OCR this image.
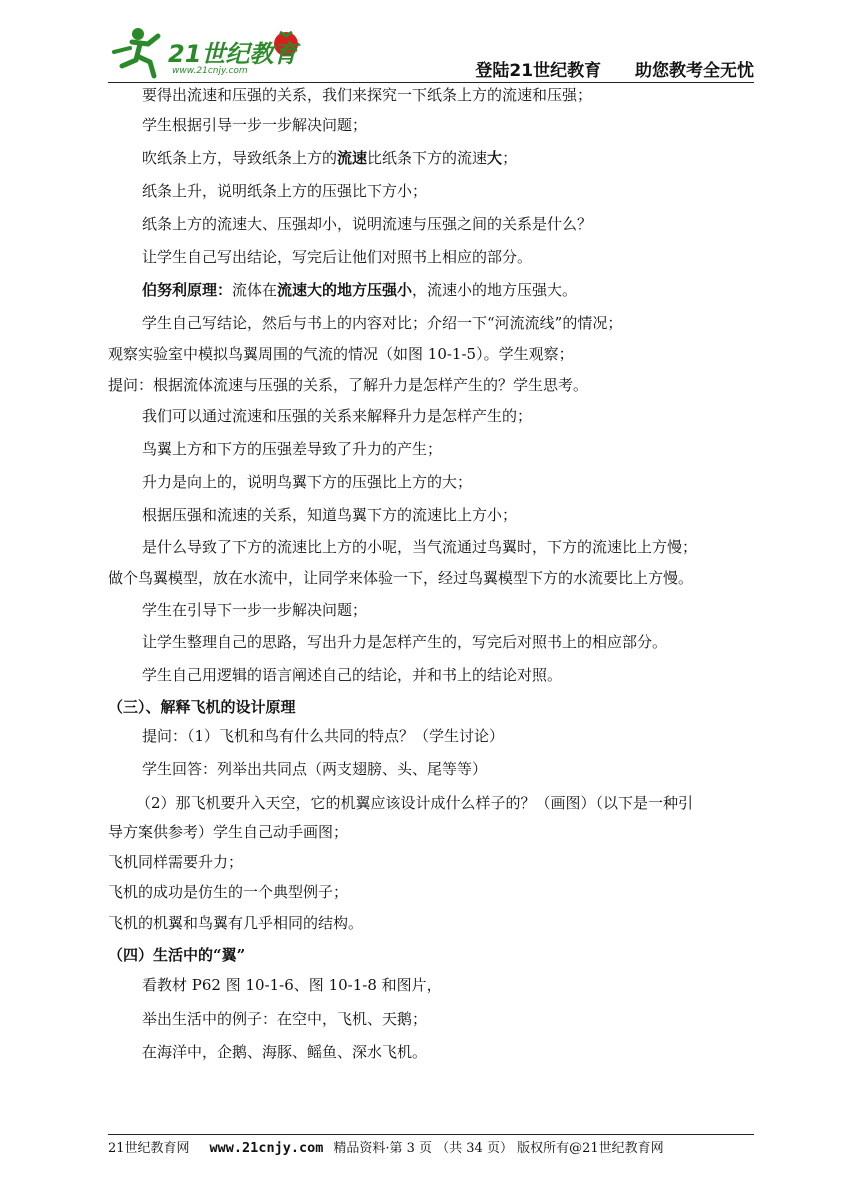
21世纪教育
www.21cnjy.com	登陆21世纪教育 助您教考全无忧
要得出流速和压强的关系，我们来探究一下纸条上方的流速和压强；
学生根据引导一步一步解决问题；
吹纸条上方，导致纸条上方的流速比纸条下方的流速大；
纸条上升，说明纸条上方的压强比下方小；
纸条上方的流速大、压强却小，说明流速与压强之间的关系是什么？
让学生自己写出结论，写完后让他们对照书上相应的部分。
伯努利原理：流体在流速大的地方压强小，流速小的地方压强大。
学生自己写结论，然后与书上的内容对比；介绍一下“河流流线”的情况；
观察实验室中模拟鸟翼周围的气流的情况（如图 10-1-5）。学生观察；
提问：根据流体流速与压强的关系，了解升力是怎样产生的？学生思考。
我们可以通过流速和压强的关系来解释升力是怎样产生的；
鸟翼上方和下方的压强差导致了升力的产生；
升力是向上的，说明鸟翼下方的压强比上方的大；
根据压强和流速的关系，知道鸟翼下方的流速比上方小；
是什么导致了下方的流速比上方的小呢，当气流通过鸟翼时，下方的流速比上方慢；
做个鸟翼模型，放在水流中，让同学来体验一下，经过鸟翼模型下方的水流要比上方慢。
学生在引导下一步一步解决问题；
让学生整理自己的思路，写出升力是怎样产生的，写完后对照书上的相应部分。
学生自己用逻辑的语言阐述自己的结论，并和书上的结论对照。
（三）、解释飞机的设计原理
提问：（1）飞机和鸟有什么共同的特点？（学生讨论）
学生回答：列举出共同点（两支翅膀、头、尾等等）
（2）那飞机要升入天空，它的机翼应该设计成什么样子的？（画图）（以下是一种引
导方案供参考）学生自己动手画图；
飞机同样需要升力；
飞机的成功是仿生的一个典型例子；
飞机的机翼和鸟翼有几乎相同的结构。
（四）生活中的“翼”
看教材 P62 图 10-1-6、图 10-1-8 和图片，
举出生活中的例子：在空中，飞机、天鹅；
在海洋中，企鹅、海豚、鳐鱼、深水飞机。
21世纪教育网 www.21cnjy.com 精品资料·第 3 页 （共 34 页） 版权所有@21世纪教育网
